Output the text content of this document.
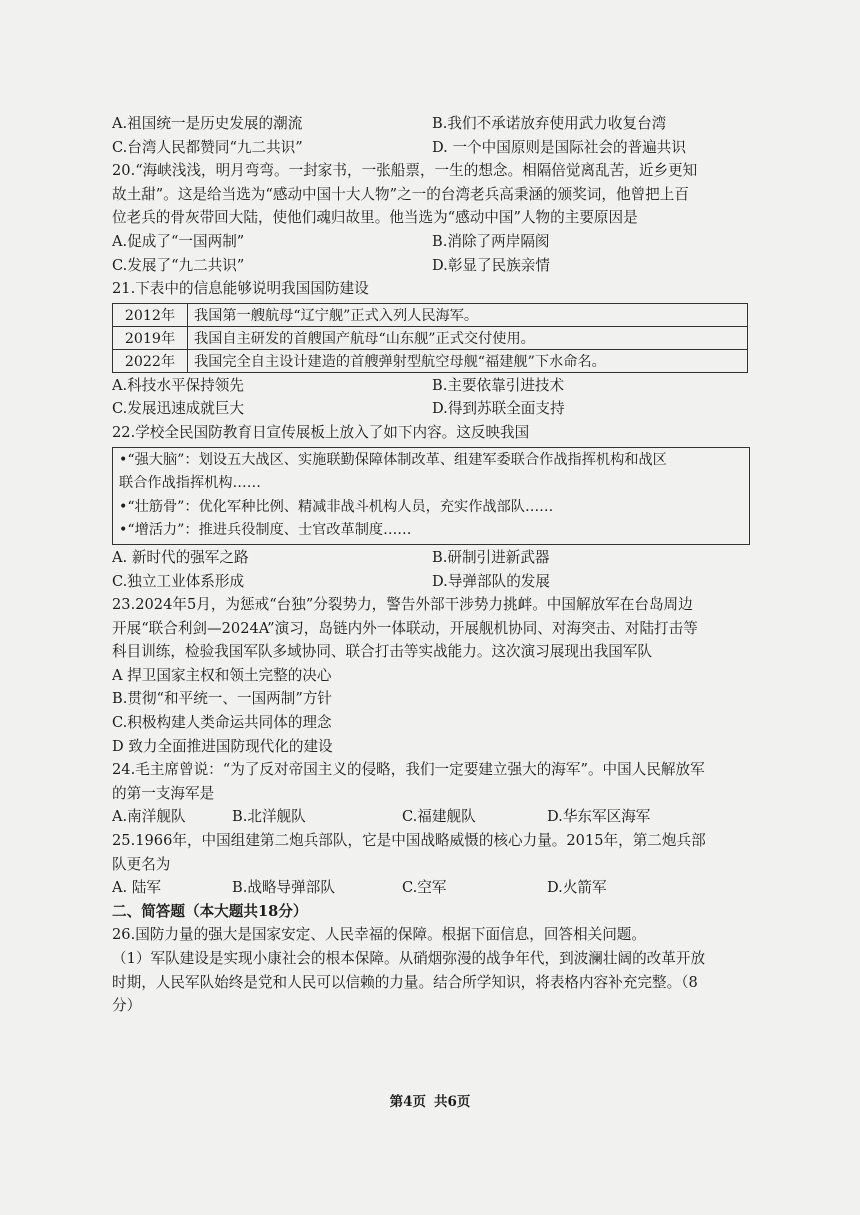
A.祖国统一是历史发展的潮流	B.我们不承诺放弃使用武力收复台湾
C.台湾人民都赞同“九二共识”	D. 一个中国原则是国际社会的普遍共识
20.“海峡浅浅，明月弯弯。一封家书，一张船票，一生的想念。相隔倍觉离乱苦，近乡更知
故土甜”。这是给当选为“感动中国十大人物”之一的台湾老兵高秉涵的颁奖词，他曾把上百
位老兵的骨灰带回大陆，使他们魂归故里。他当选为“感动中国”人物的主要原因是
A.促成了“一国两制”	B.消除了两岸隔阂
C.发展了“九二共识”	D.彰显了民族亲情
21.下表中的信息能够说明我国国防建设
2012年	我国第一艘航母“辽宁舰”正式入列人民海军。
2019年	我国自主研发的首艘国产航母“山东舰”正式交付使用。
2022年	我国完全自主设计建造的首艘弹射型航空母舰“福建舰”下水命名。
A.科技水平保持领先	B.主要依靠引进技术
C.发展迅速成就巨大	D.得到苏联全面支持
22.学校全民国防教育日宣传展板上放入了如下内容。这反映我国
•“强大脑”：划设五大战区、实施联勤保障体制改革、组建军委联合作战指挥机构和战区
联合作战指挥机构……
•“壮筋骨”：优化军种比例、精减非战斗机构人员，充实作战部队……
•“增活力”：推进兵役制度、士官改革制度……
A. 新时代的强军之路	B.研制引进新武器
C.独立工业体系形成	D.导弹部队的发展
23.2024年5月，为惩戒“台独”分裂势力，警告外部干涉势力挑衅。中国解放军在台岛周边
开展“联合利剑—2024A”演习，岛链内外一体联动，开展舰机协同、对海突击、对陆打击等
科目训练，检验我国军队多域协同、联合打击等实战能力。这次演习展现出我国军队
A 捍卫国家主权和领土完整的决心
B.贯彻“和平统一、一国两制”方针
C.积极构建人类命运共同体的理念
D 致力全面推进国防现代化的建设
24.毛主席曾说：“为了反对帝国主义的侵略，我们一定要建立强大的海军”。中国人民解放军
的第一支海军是
A.南洋舰队	B.北洋舰队	C.福建舰队	D.华东军区海军
25.1966年，中国组建第二炮兵部队，它是中国战略威慑的核心力量。2015年，第二炮兵部
队更名为
A. 陆军	B.战略导弹部队	C.空军	D.火箭军
二、简答题（本大题共18分）
26.国防力量的强大是国家安定、人民幸福的保障。根据下面信息，回答相关问题。
（1）军队建设是实现小康社会的根本保障。从硝烟弥漫的战争年代，到波澜壮阔的改革开放
时期，人民军队始终是党和人民可以信赖的力量。结合所学知识，将表格内容补充完整。（8
分）
第4页 共6页
